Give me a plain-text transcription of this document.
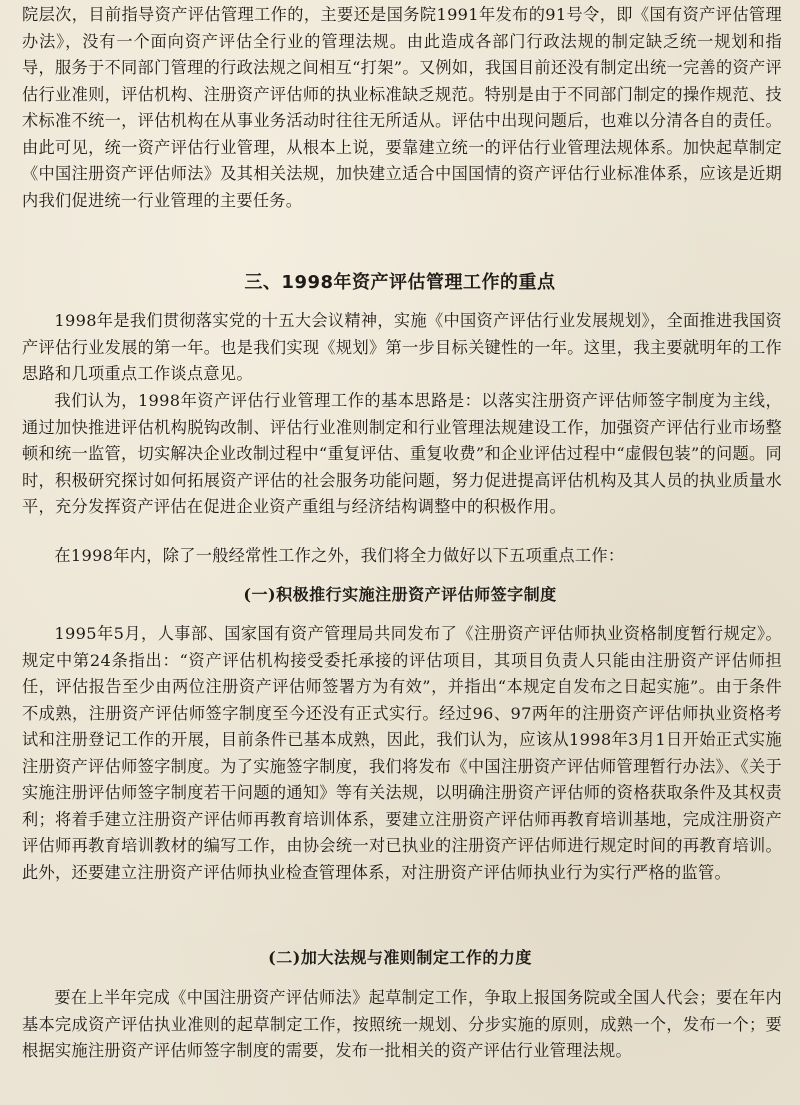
院层次，目前指导资产评估管理工作的，主要还是国务院1991年发布的91号令，即《国有资产评估管理办法》，没有一个面向资产评估全行业的管理法规。由此造成各部门行政法规的制定缺乏统一规划和指导，服务于不同部门管理的行政法规之间相互“打架”。又例如，我国目前还没有制定出统一完善的资产评估行业准则，评估机构、注册资产评估师的执业标准缺乏规范。特别是由于不同部门制定的操作规范、技术标准不统一，评估机构在从事业务活动时往往无所适从。评估中出现问题后，也难以分清各自的责任。由此可见，统一资产评估行业管理，从根本上说，要靠建立统一的评估行业管理法规体系。加快起草制定《中国注册资产评估师法》及其相关法规，加快建立适合中国国情的资产评估行业标准体系，应该是近期内我们促进统一行业管理的主要任务。

三、1998年资产评估管理工作的重点

1998年是我们贯彻落实党的十五大会议精神，实施《中国资产评估行业发展规划》，全面推进我国资产评估行业发展的第一年。也是我们实现《规划》第一步目标关键性的一年。这里，我主要就明年的工作思路和几项重点工作谈点意见。

我们认为，1998年资产评估行业管理工作的基本思路是：以落实注册资产评估师签字制度为主线，通过加快推进评估机构脱钩改制、评估行业准则制定和行业管理法规建设工作，加强资产评估行业市场整顿和统一监管，切实解决企业改制过程中“重复评估、重复收费”和企业评估过程中“虚假包装”的问题。同时，积极研究探讨如何拓展资产评估的社会服务功能问题，努力促进提高评估机构及其人员的执业质量水平，充分发挥资产评估在促进企业资产重组与经济结构调整中的积极作用。

在1998年内，除了一般经常性工作之外，我们将全力做好以下五项重点工作：

(一)积极推行实施注册资产评估师签字制度

1995年5月，人事部、国家国有资产管理局共同发布了《注册资产评估师执业资格制度暂行规定》。规定中第24条指出：“资产评估机构接受委托承接的评估项目，其项目负责人只能由注册资产评估师担任，评估报告至少由两位注册资产评估师签署方为有效”，并指出“本规定自发布之日起实施”。由于条件不成熟，注册资产评估师签字制度至今还没有正式实行。经过96、97两年的注册资产评估师执业资格考试和注册登记工作的开展，目前条件已基本成熟，因此，我们认为，应该从1998年3月1日开始正式实施注册资产评估师签字制度。为了实施签字制度，我们将发布《中国注册资产评估师管理暂行办法》、《关于实施注册评估师签字制度若干问题的通知》等有关法规，以明确注册资产评估师的资格获取条件及其权责利；将着手建立注册资产评估师再教育培训体系，要建立注册资产评估师再教育培训基地，完成注册资产评估师再教育培训教材的编写工作，由协会统一对已执业的注册资产评估师进行规定时间的再教育培训。此外，还要建立注册资产评估师执业检查管理体系，对注册资产评估师执业行为实行严格的监管。

(二)加大法规与准则制定工作的力度

要在上半年完成《中国注册资产评估师法》起草制定工作，争取上报国务院或全国人代会；要在年内基本完成资产评估执业准则的起草制定工作，按照统一规划、分步实施的原则，成熟一个，发布一个；要根据实施注册资产评估师签字制度的需要，发布一批相关的资产评估行业管理法规。
